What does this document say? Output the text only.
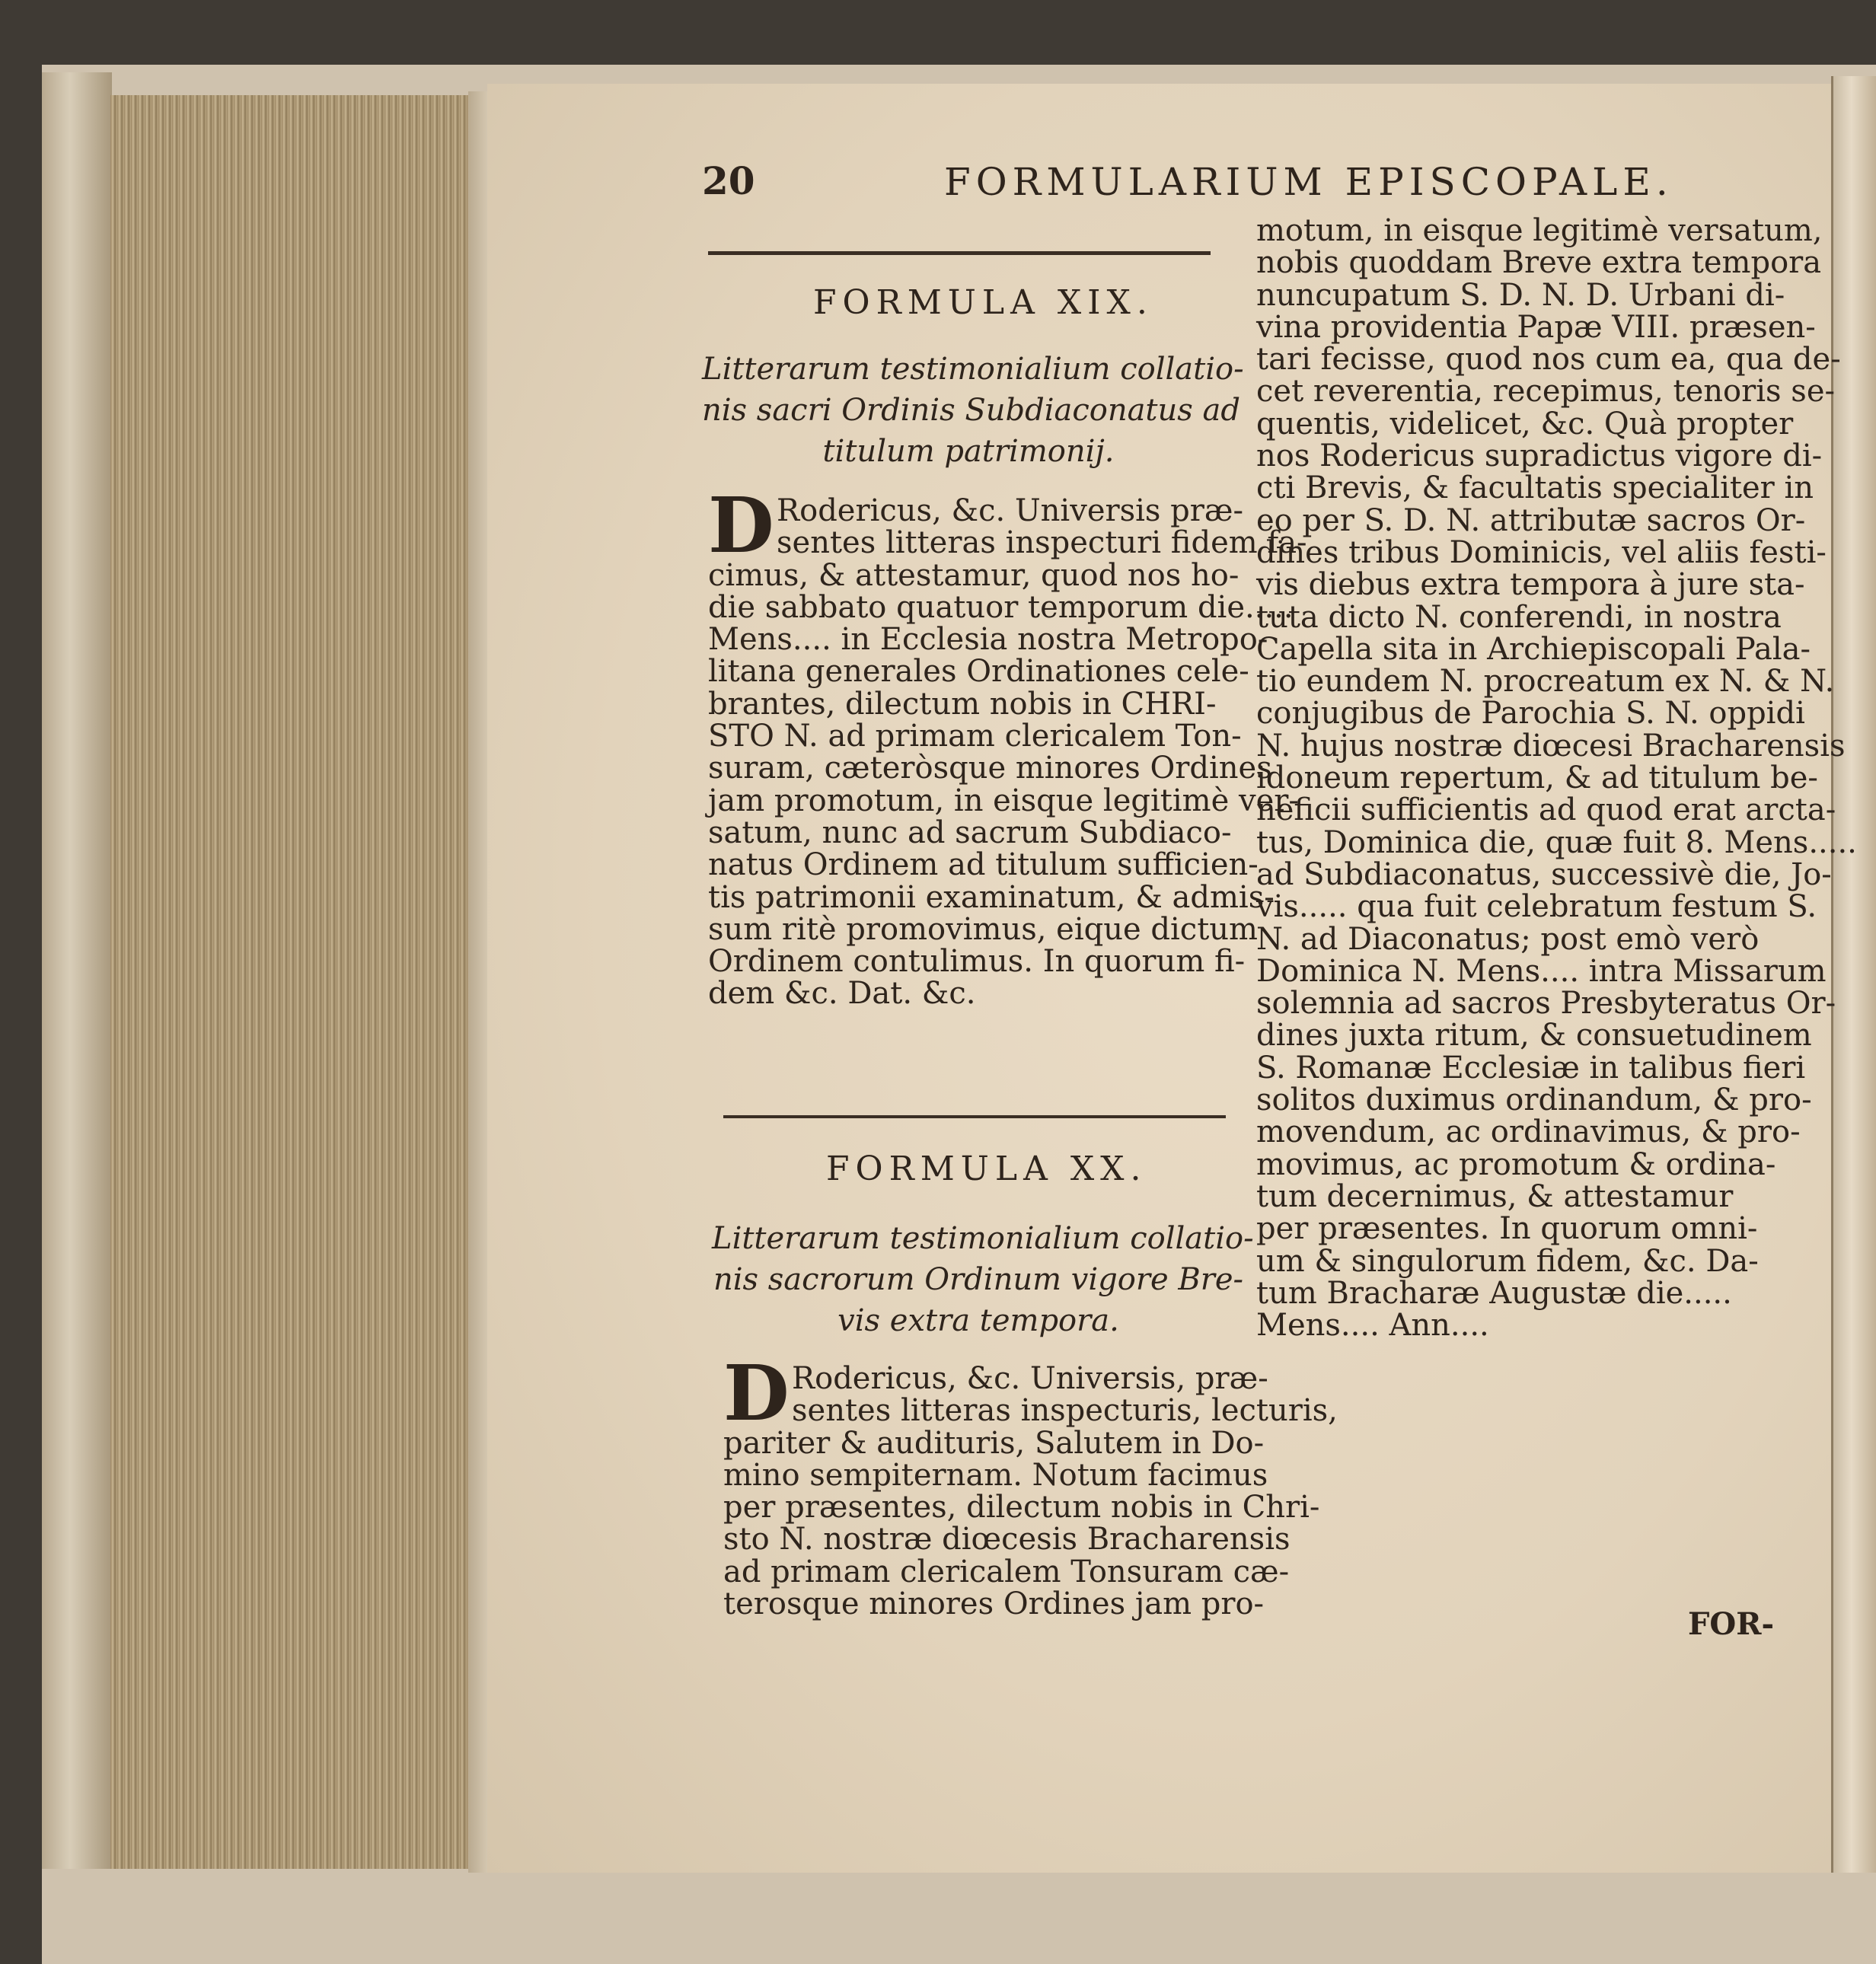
20	FORMULARIUM EPISCOPALE.
FORMULA XIX.
Litterarum testimonialium collatio-
nis sacri Ordinis Subdiaconatus ad
titulum patrimonij.
D Rodericus, &c. Universis præ-
sentes litteras inspecturi fidem fa-
cimus, & attestamur, quod nos ho-
die sabbato quatuor temporum die.....
Mens.... in Ecclesia nostra Metropo-
litana generales Ordinationes cele-
brantes, dilectum nobis in CHRI-
STO N. ad primam clericalem Ton-
suram, cæteròsque minores Ordines
jam promotum, in eisque legitimè ver-
satum, nunc ad sacrum Subdiaco-
natus Ordinem ad titulum sufficien-
tis patrimonii examinatum, & admis-
sum ritè promovimus, eique dictum
Ordinem contulimus. In quorum fi-
dem &c. Dat. &c.
FORMULA XX.
Litterarum testimonialium collatio-
nis sacrorum Ordinum vigore Bre-
vis extra tempora.
D Rodericus, &c. Universis, præ-
sentes litteras inspecturis, lecturis,
pariter & audituris, Salutem in Do-
mino sempiternam. Notum facimus
per præsentes, dilectum nobis in Chri-
sto N. nostræ diœcesis Bracharensis
ad primam clericalem Tonsuram cæ-
terosque minores Ordines jam pro-
motum, in eisque legitimè versatum,
nobis quoddam Breve extra tempora
nuncupatum S. D. N. D. Urbani di-
vina providentia Papæ VIII. præsen-
tari fecisse, quod nos cum ea, qua de-
cet reverentia, recepimus, tenoris se-
quentis, videlicet, &c. Quà propter
nos Rodericus supradictus vigore di-
cti Brevis, & facultatis specialiter in
eo per S. D. N. attributæ sacros Or-
dines tribus Dominicis, vel aliis festi-
vis diebus extra tempora à jure sta-
tuta dicto N. conferendi, in nostra
Capella sita in Archiepiscopali Pala-
tio eundem N. procreatum ex N. & N.
conjugibus de Parochia S. N. oppidi
N. hujus nostræ diœcesi Bracharensis
idoneum repertum, & ad titulum be-
neficii sufficientis ad quod erat arcta-
tus, Dominica die, quæ fuit 8. Mens.....
ad Subdiaconatus, successivè die, Jo-
vis..... qua fuit celebratum festum S.
N. ad Diaconatus; post emò verò
Dominica N. Mens.... intra Missarum
solemnia ad sacros Presbyteratus Or-
dines juxta ritum, & consuetudinem
S. Romanæ Ecclesiæ in talibus fieri
solitos duximus ordinandum, & pro-
movendum, ac ordinavimus, & pro-
movimus, ac promotum & ordina-
tum decernimus, & attestamur
per præsentes. In quorum omni-
um & singulorum fidem, &c. Da-
tum Bracharæ Augustæ die.....
Mens.... Ann....
FOR-
